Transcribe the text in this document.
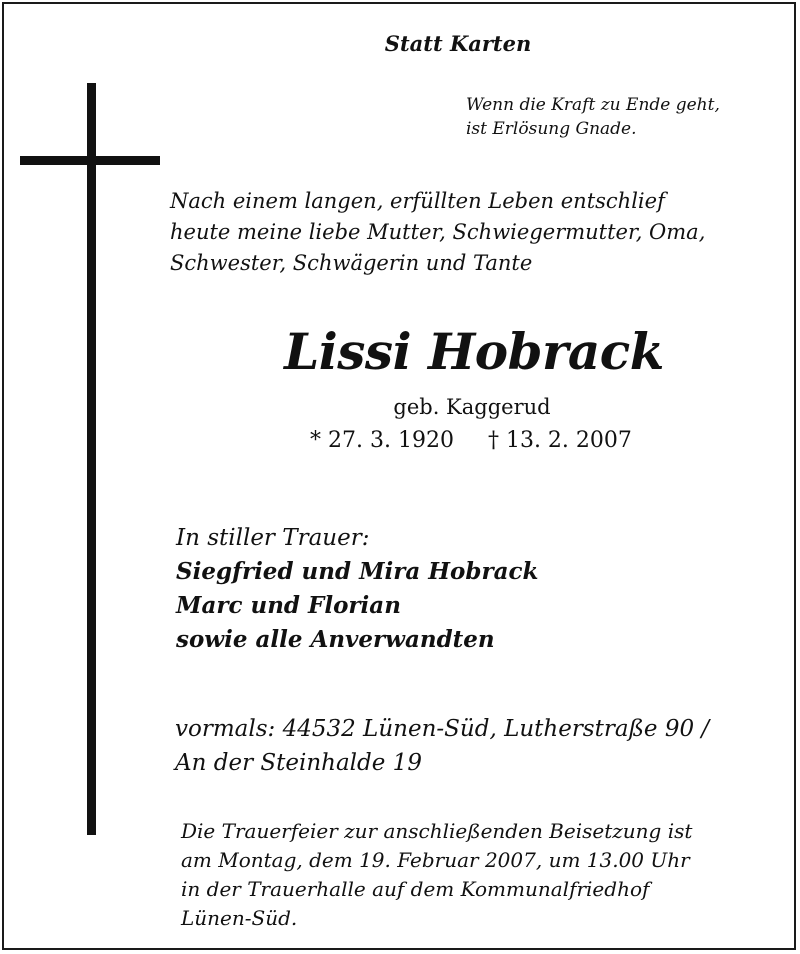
Statt Karten
Wenn die Kraft zu Ende geht,
ist Erlösung Gnade.
Nach einem langen, erfüllten Leben entschlief
heute meine liebe Mutter, Schwiegermutter, Oma,
Schwester, Schwägerin und Tante
Lissi Hobrack
geb. Kaggerud
* 27. 3. 1920 † 13. 2. 2007
In stiller Trauer:
Siegfried und Mira Hobrack
Marc und Florian
sowie alle Anverwandten
vormals: 44532 Lünen-Süd, Lutherstraße 90 /
An der Steinhalde 19
Die Trauerfeier zur anschließenden Beisetzung ist
am Montag, dem 19. Februar 2007, um 13.00 Uhr
in der Trauerhalle auf dem Kommunalfriedhof
Lünen-Süd.
